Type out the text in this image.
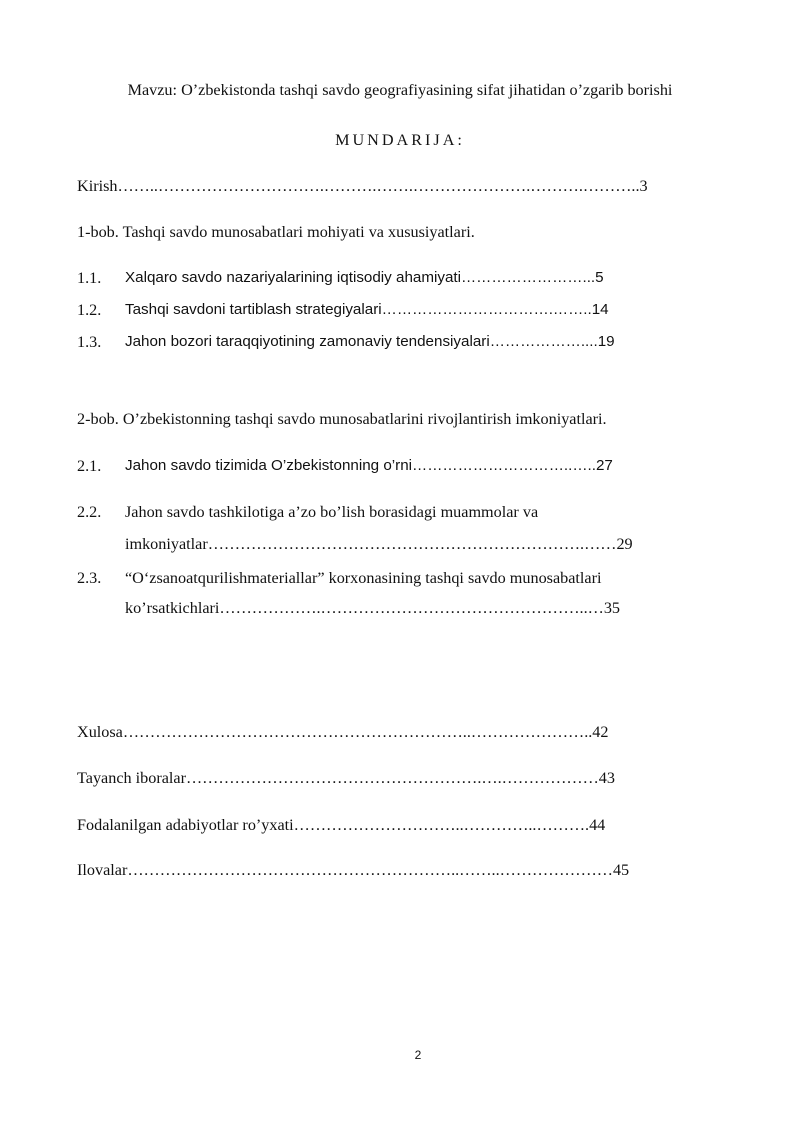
Mavzu: O’zbekistonda tashqi savdo geografiyasining sifat jihatidan o’zgarib borishi
MUNDARIJA:
Kirish……..………………………….……….…….………………….……….………..3
1-bob. Tashqi savdo munosabatlari mohiyati va xususiyatlari.
1.1. Xalqaro savdo nazariyalarining iqtisodiy ahamiyati……………………...5
1.2. Tashqi savdoni tartiblash strategiyalari…………………………….……..14
1.3. Jahon bozori taraqqiyotining zamonaviy tendensiyalari………………....19
2-bob. O’zbekistonning tashqi savdo munosabatlarini rivojlantirish imkoniyatlari.
2.1. Jahon savdo tizimida O’zbekistonning o’rni…………………………..…..27
2.2. Jahon savdo tashkilotiga a’zo bo’lish borasidagi muammolar va
imkoniyatlar…………………………………………………………….……29
2.3. “O‘zsanoatqurilishmateriallar” korxonasining tashqi savdo munosabatlari
ko’rsatkichlari……………….…………………………………………..…35
Xulosa………………………………………………………..…………………..42
Tayanch iboralar……………………………………………….….………………43
Fodalanilgan adabiyotlar ro’yxati…………………………..…………..……….44
Ilovalar……………………………………………………..……..…………………45
2
